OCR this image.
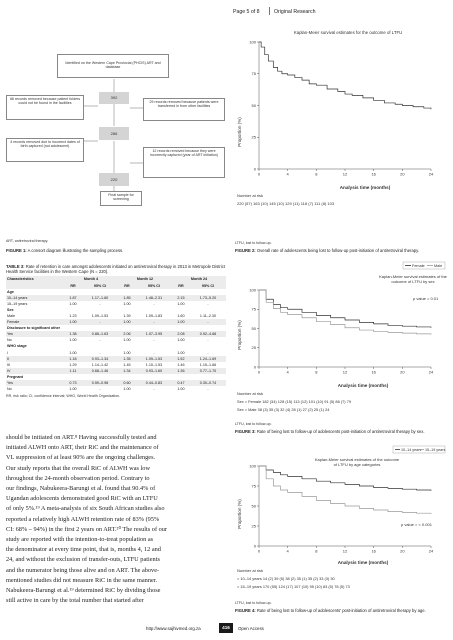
Page 5 of 8	Original Research
Identified on the Western Cape Provincial (PHCIS) ART and database
392
66 records removed because patient folders could not be found in the facilities
286
29 records removed because patients were transferred in from other facilities
4 records removed due to incorrect dates of birth captured (not adolescent)
12 records removed because they were incorrectly captured (year of ART initiation)
220
Final sample for screening
ART, antiretroviral therapy.
FIGURE 1: A consort diagram illustrating the sampling process.
Kaplan-Meier survival estimates for the outcome of LTFU
Proportion (%)
Analysis time (months)
Number at risk
220 (57) 163 (10) 145 (10) 129 (11) 118 (7) 111 (8) 103
0
25
50
75
100
0	4	8	12	16	20	24
LTFU, lost to follow-up.
FIGURE 2: Overall rate of adolescents being lost to follow-up post-initiation of antiretroviral therapy.
TABLE 3: Rate of retention in care amongst adolescents initiated on antiretroviral therapy in 2013 in Metropole District Health Service facilities in the Western Cape (N = 220).
Characteristics	Month 4		Month 12		Month 24	
	RR	95% CI	RR	95% CI	RR	95% CI
Age						
10–14 years	1.87	1.17–1.60	1.85	1.48–2.31	2.15	1.73–5.20
15–19 years	1.00	-	1.00	-	1.00	-
Sex						
Male	1.23	1.09–1.53	1.39	1.09–1.83	1.60	1.11–2.30
Female	1.00	-	1.00	-	1.00	-
Disclosure to significant other						
Yes	1.38	0.88–1.63	2.06	1.07–3.95	2.08	0.92–4.68
No	1.00	-	1.00	-	1.00	-
WHO stage						
I	1.00	-	1.00	-	1.00	-
II	1.18	0.93–1.34	1.35	1.09–1.53	1.52	1.24–1.69
III	1.29	1.14–1.42	1.45	1.10–1.53	1.46	1.15–1.66
IV	1.11	0.68–1.46	1.34	0.93–1.60	1.36	0.77–1.70
Pregnant						
Yes	0.73	0.59–0.98	0.60	0.44–0.83	0.47	0.30–0.74
No	1.00	-	1.00	-	1.00	-
RR, risk ratio; CI, confidence interval; WHO, World Health Organization.
should be initiated on ART.⁸ Having successfully tested and
initiated ALWH onto ART, their RiC and the maintenance of
VL suppression of at least 90% are the ongoing challenges.
Our study reports that the overall RiC of ALWH was low
throughout the 24-month observation period. Contrary to
our findings, Nabukeera-Barungi et al. found that 90.4% of
Ugandan adolescents demonstrated good RiC with an LTFU
of only 5%.¹⁹ A meta-analysis of six South African studies also
reported a relatively high ALWH retention rate of 83% (95%
CI: 68% – 94%) in the first 2 years on ART.²⁰ The results of our
study are reported with the intention-to-treat population as
the denominator at every time point, that is, months 4, 12 and
24, and without the exclusion of transfer-outs, LTFU patients
and the numerator being those alive and on ART. The above-
mentioned studies did not measure RiC in the same manner.
Nabukeera-Barungi et al.¹⁹ determined RiC by dividing those
still active in care by the total number that started after
Female Male
Kaplan-Meier survival estimates of the
outcome of LTFU by sex
p value = 0.01
Proportion (%)
Analysis time (months)
Number at risk
Sex = Female 182 (34) 128 (15) 113 (12) 101 (10) 91 (5) 86 (7) 79
Sex = Male 38 (3) 35 (3) 32 (4) 28 (1) 27 (2) 25 (1) 24
0
25
50
75
100
0	4	8	12	16	20	24
LTFU, lost to follow-up.
FIGURE 3: Rate of being lost to follow-up of adolescents post-initiation of antiretroviral therapy by sex.
10–14 years 15–19 years
Kaplan-Meier survival estimates of the outcome
of LTFU by age categories
p value = < 0.001
Proportion (%)
Analysis time (months)
Number at risk
= 10–14 years 14 (2) 39 (5) 38 (2) 35 (1) 35 (2) 33 (3) 30
= 15–19 years 170 (55) 124 (17) 107 (10) 95 (10) 83 (5) 78 (5) 73
0
25
50
75
100
0	4	8	12	16	20	24
LTFU, lost to follow-up.
FIGURE 4: Rate of being lost to follow-up of adolescents' post-initiation of antiretroviral therapy by age.
http://www.sajhivmed.org.za	416	Open Access
